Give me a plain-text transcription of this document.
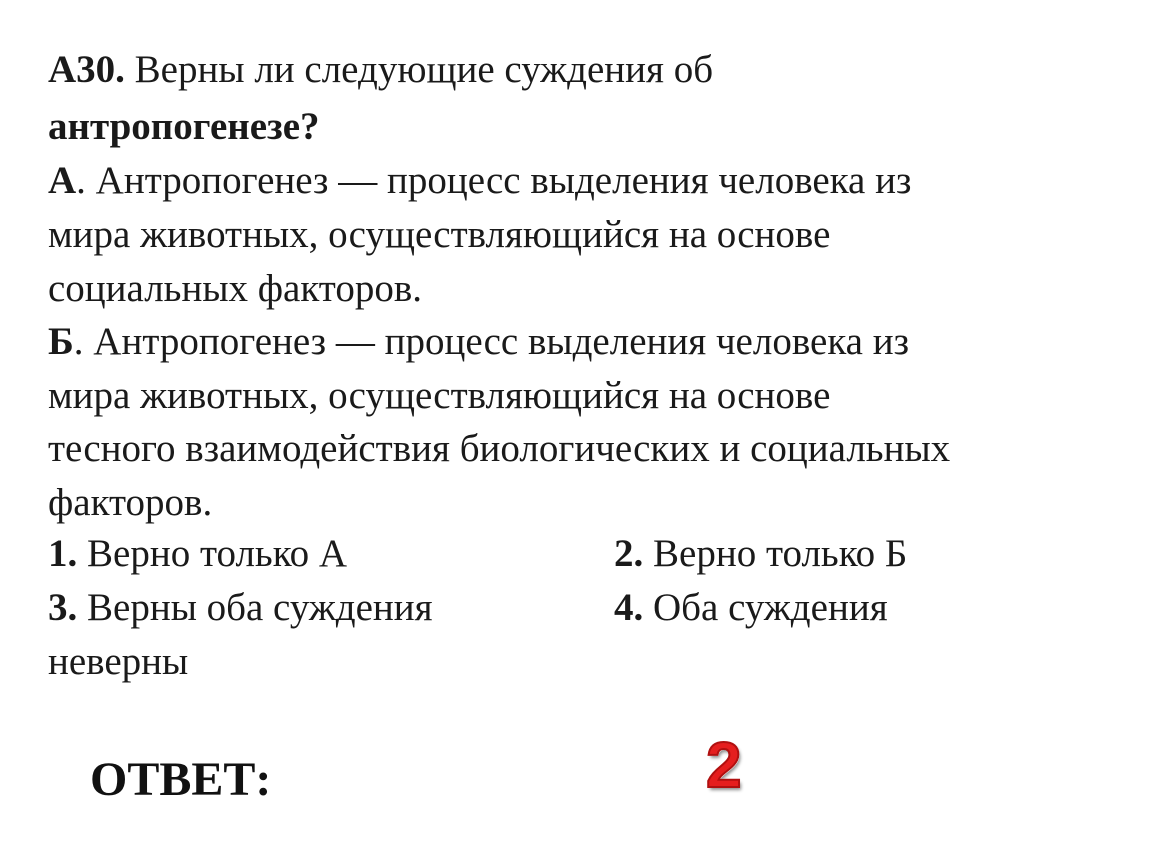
А30. Верны ли следующие суждения об
антропогенезе?
А. Антропогенез — процесс выделения человека из
мира животных, осуществляющийся на основе
социальных факторов.
Б. Антропогенез — процесс выделения человека из
мира животных, осуществляющийся на основе
тесного взаимодействия биологических и социальных
факторов.
1. Верно только А	2. Верно только Б
3. Верны оба суждения	4. Оба суждения
неверны
ОТВЕТ:	2
